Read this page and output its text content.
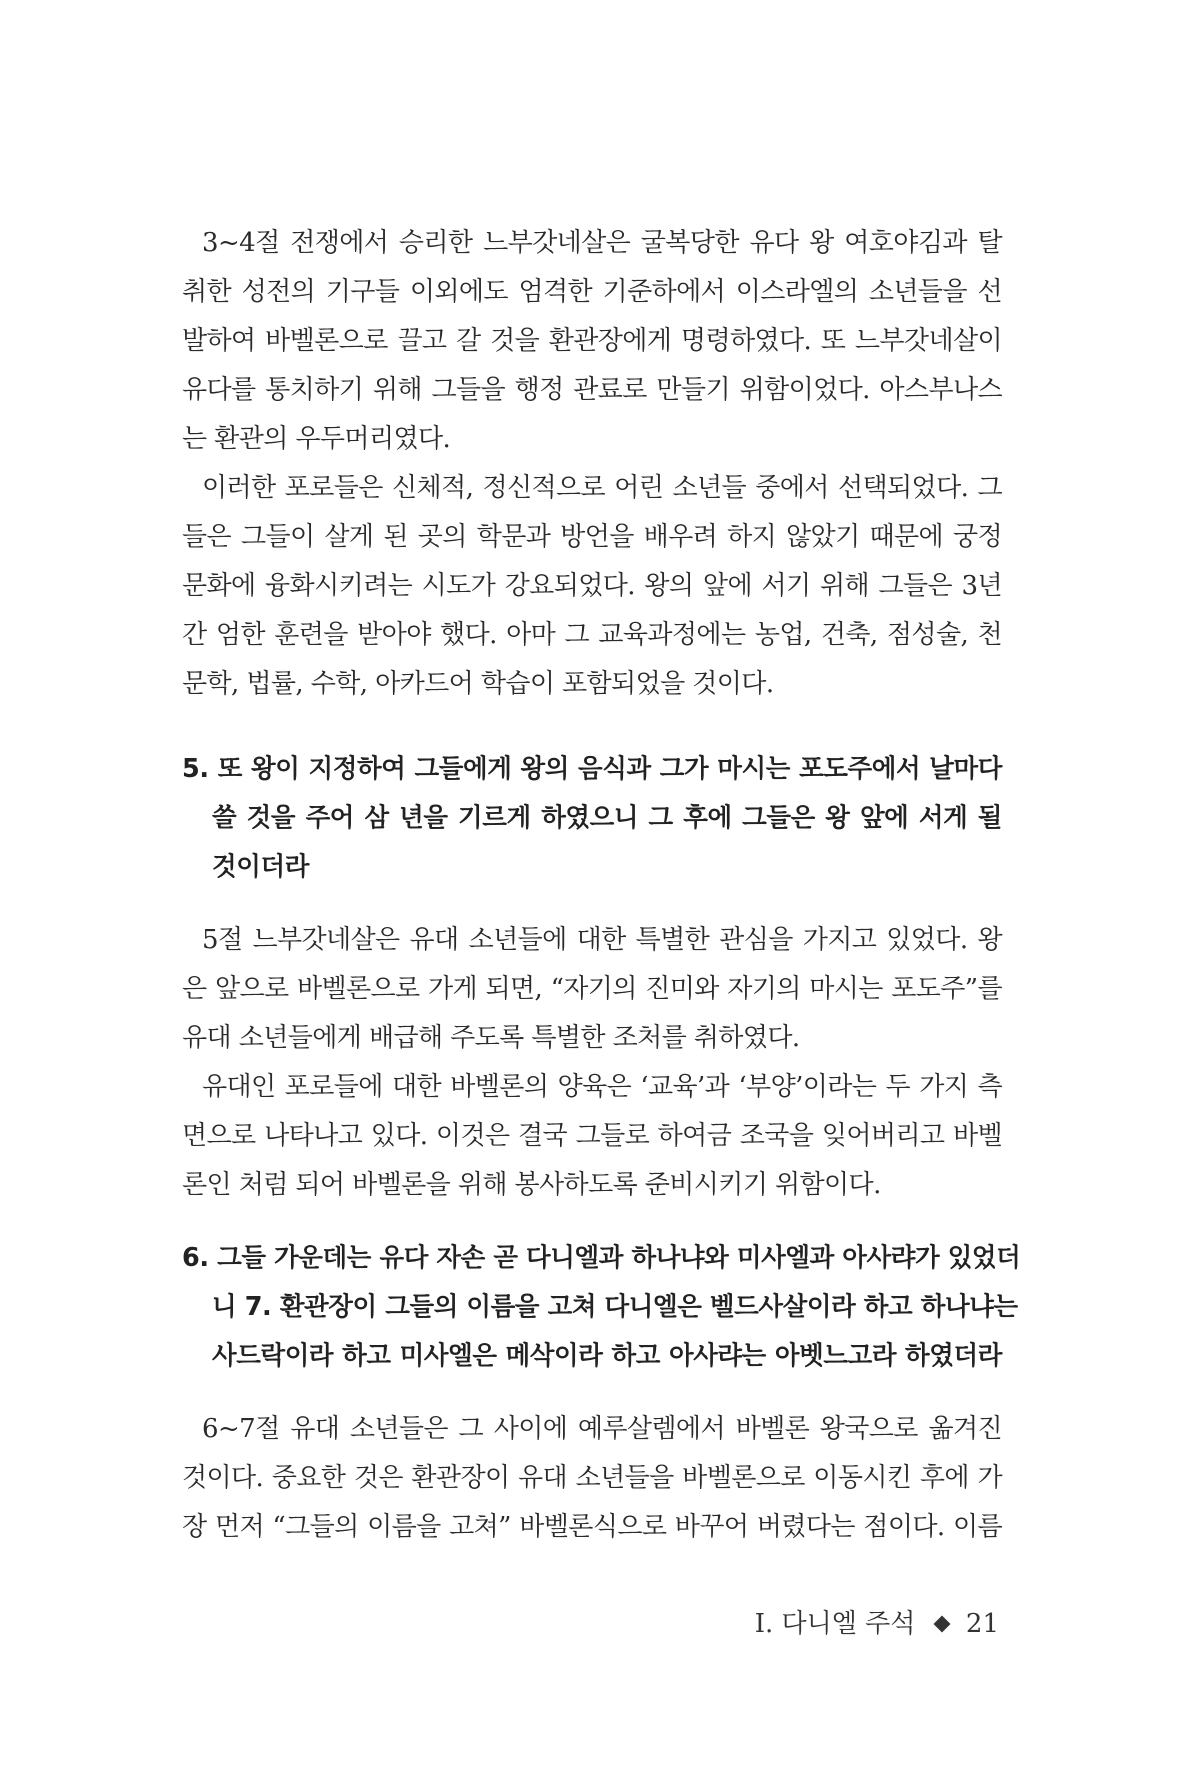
3~4절 전쟁에서 승리한 느부갓네살은 굴복당한 유다 왕 여호야김과 탈
취한 성전의 기구들 이외에도 엄격한 기준하에서 이스라엘의 소년들을 선
발하여 바벨론으로 끌고 갈 것을 환관장에게 명령하였다. 또 느부갓네살이
유다를 통치하기 위해 그들을 행정 관료로 만들기 위함이었다. 아스부나스
는 환관의 우두머리였다.
이러한 포로들은 신체적, 정신적으로 어린 소년들 중에서 선택되었다. 그
들은 그들이 살게 된 곳의 학문과 방언을 배우려 하지 않았기 때문에 궁정
문화에 융화시키려는 시도가 강요되었다. 왕의 앞에 서기 위해 그들은 3년
간 엄한 훈련을 받아야 했다. 아마 그 교육과정에는 농업, 건축, 점성술, 천
문학, 법률, 수학, 아카드어 학습이 포함되었을 것이다.
5. 또 왕이 지정하여 그들에게 왕의 음식과 그가 마시는 포도주에서 날마다
쓸 것을 주어 삼 년을 기르게 하였으니 그 후에 그들은 왕 앞에 서게 될
것이더라
5절 느부갓네살은 유대 소년들에 대한 특별한 관심을 가지고 있었다. 왕
은 앞으로 바벨론으로 가게 되면, “자기의 진미와 자기의 마시는 포도주”를
유대 소년들에게 배급해 주도록 특별한 조처를 취하였다.
유대인 포로들에 대한 바벨론의 양육은 ‘교육’과 ‘부양’이라는 두 가지 측
면으로 나타나고 있다. 이것은 결국 그들로 하여금 조국을 잊어버리고 바벨
론인 처럼 되어 바벨론을 위해 봉사하도록 준비시키기 위함이다.
6. 그들 가운데는 유다 자손 곧 다니엘과 하나냐와 미사엘과 아사랴가 있었더
니 7. 환관장이 그들의 이름을 고쳐 다니엘은 벨드사살이라 하고 하나냐는
사드락이라 하고 미사엘은 메삭이라 하고 아사랴는 아벳느고라 하였더라
6~7절 유대 소년들은 그 사이에 예루살렘에서 바벨론 왕국으로 옮겨진
것이다. 중요한 것은 환관장이 유대 소년들을 바벨론으로 이동시킨 후에 가
장 먼저 “그들의 이름을 고쳐” 바벨론식으로 바꾸어 버렸다는 점이다. 이름
I. 다니엘 주석 21
